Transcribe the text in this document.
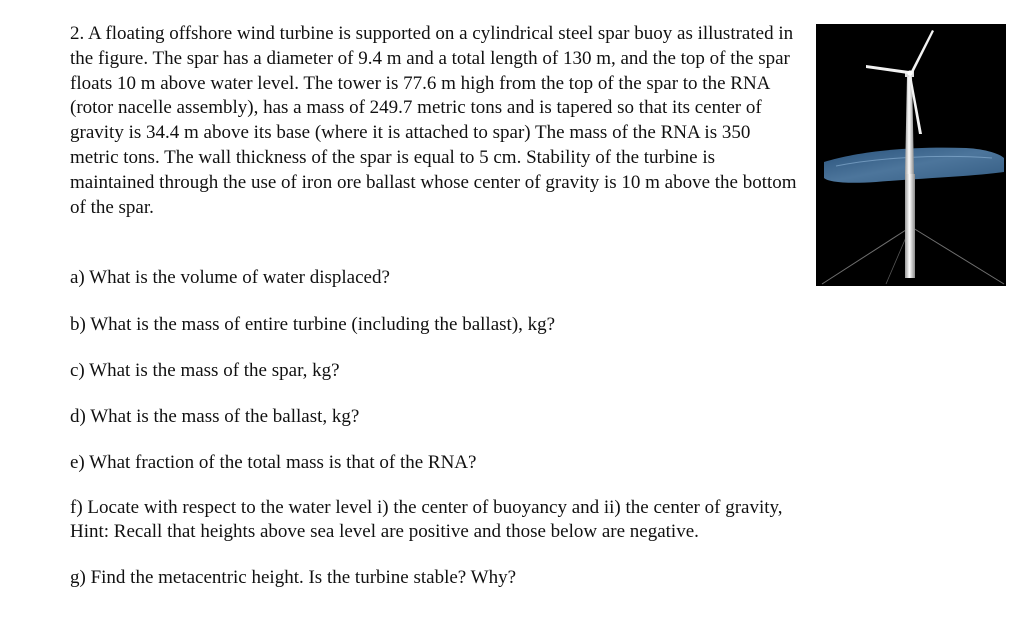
2. A floating offshore wind turbine is supported on a cylindrical steel spar buoy as illustrated in the figure. The spar has a diameter of 9.4 m and a total length of 130 m, and the top of the spar floats 10 m above water level. The tower is 77.6 m high from the top of the spar to the RNA (rotor nacelle assembly), has a mass of 249.7 metric tons and is tapered so that its center of gravity is 34.4 m above its base (where it is attached to spar) The mass of the RNA is 350 metric tons. The wall thickness of the spar is equal to 5 cm. Stability of the turbine is maintained through the use of iron ore ballast whose center of gravity is 10 m above the bottom of the spar.

a) What is the volume of water displaced?

b) What is the mass of entire turbine (including the ballast), kg?

c) What is the mass of the spar, kg?

d) What is the mass of the ballast, kg?

e) What fraction of the total mass is that of the RNA?

f) Locate with respect to the water level i) the center of buoyancy and ii) the center of gravity,
Hint: Recall that heights above sea level are positive and those below are negative.

g) Find the metacentric height. Is the turbine stable? Why?
